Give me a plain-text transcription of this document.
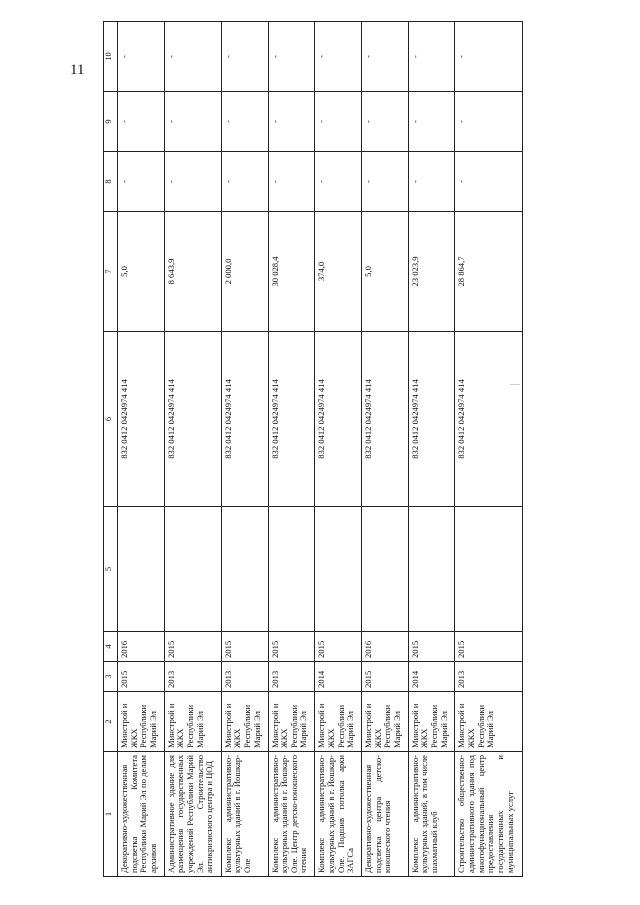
11
1	2	3	4	5	6	7	8	9	10
Декоративно-художественная подсветка Комитета Республики Марий Эл по делам архивов	Минстрой и ЖКХ Республики Марий Эл	2015	2016		832 0412 0424974 414	5,0	-	-	-
Административное здание для размещения государственных учреждений Республики Марий Эл. Строительство антикризисного центра и ЦОД	Минстрой и ЖКХ Республики Марий Эл	2013	2015		832 0412 0424974 414	8 643,9	-	-	-
Комплекс административно-культурных зданий в г. Йошкар-Оле	Минстрой и ЖКХ Республики Марий Эл	2013	2015		832 0412 0424974 414	2 000,0	-	-	-
Комплекс административно-культурных зданий в г. Йошкар-Оле. Центр детско-юношеского чтения	Минстрой и ЖКХ Республики Марий Эл	2013	2015		832 0412 0424974 414	30 028,4	-	-	-
Комплекс административно-культурных зданий в г. Йошкар-Оле. Подшив потолка арки ЗАГСа	Минстрой и ЖКХ Республики Марий Эл	2014	2015		832 0412 0424974 414	374,0	-	-	-
Декоративно-художественная подсветка центра детско-юношеского чтения	Минстрой и ЖКХ Республики Марий Эл	2015	2016		832 0412 0424974 414	5,0	-	-	-
Комплекс административно-культурных зданий, в том числе шахматный клуб	Минстрой и ЖКХ Республики Марий Эл	2014	2015		832 0412 0424974 414	23 023,9	-	-	-
Строительство общественно-административного здания под многофункциональный центр предоставления государственных и муниципальных услуг	Минстрой и ЖКХ Республики Марий Эл	2013	2015		832 0412 0424974 414	28 864,7	-	-	-
